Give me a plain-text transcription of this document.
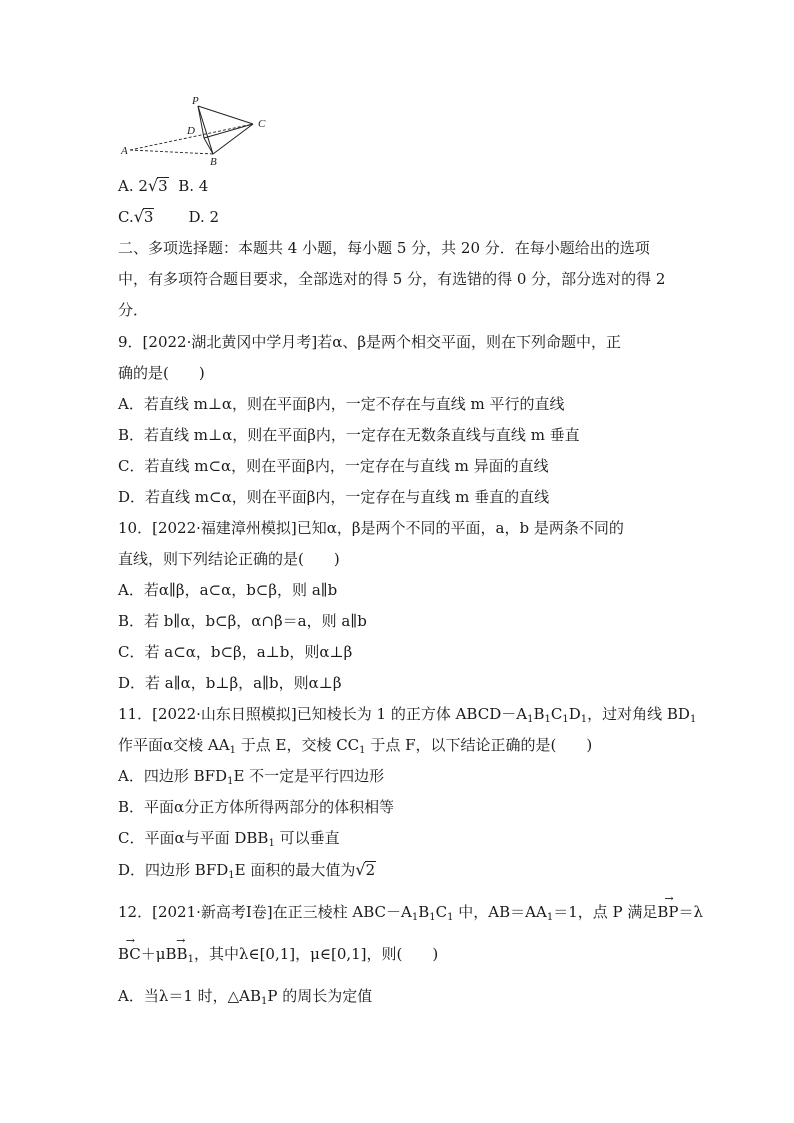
P
C
D
A
B
A. 2√3 B. 4
C.√3 D. 2
二、多项选择题：本题共 4 小题，每小题 5 分，共 20 分．在每小题给出的选项
中，有多项符合题目要求，全部选对的得 5 分，有选错的得 0 分，部分选对的得 2
分．
9．[2022·湖北黄冈中学月考]若α、β是两个相交平面，则在下列命题中，正
确的是(　　)
A．若直线 m⊥α，则在平面β内，一定不存在与直线 m 平行的直线
B．若直线 m⊥α，则在平面β内，一定存在无数条直线与直线 m 垂直
C．若直线 m⊂α，则在平面β内，一定存在与直线 m 异面的直线
D．若直线 m⊂α，则在平面β内，一定存在与直线 m 垂直的直线
10．[2022·福建漳州模拟]已知α，β是两个不同的平面，a，b 是两条不同的
直线，则下列结论正确的是(　　)
A．若α∥β，a⊂α，b⊂β，则 a∥b
B．若 b∥α，b⊂β，α∩β＝a，则 a∥b
C．若 a⊂α，b⊂β，a⊥b，则α⊥β
D．若 a∥α，b⊥β，a∥b，则α⊥β
11．[2022·山东日照模拟]已知棱长为 1 的正方体 $ABCD-A_1B_1C_1D_1$，过对角线 $BD_1$
作平面α交棱 $AA_1$ 于点 E，交棱 $CC_1$ 于点 F，以下结论正确的是(　　)
A．四边形 $BFD_1E$ 不一定是平行四边形
B．平面α分正方体所得两部分的体积相等
C．平面α与平面 $DBB_1$ 可以垂直
D．四边形 $BFD_1E$ 面积的最大值为√2
12．[2021·新高考Ⅰ卷]在正三棱柱 $ABC-A_1B_1C_1$ 中，$AB=AA_1=1$，点 P 满足→ BP＝λ
→ $BC+\mu\to BB_1$，其中λ∈[0,1]，μ∈[0,1]，则(　　)
A．当λ＝1 时，$\triangle AB_1P$ 的周长为定值
